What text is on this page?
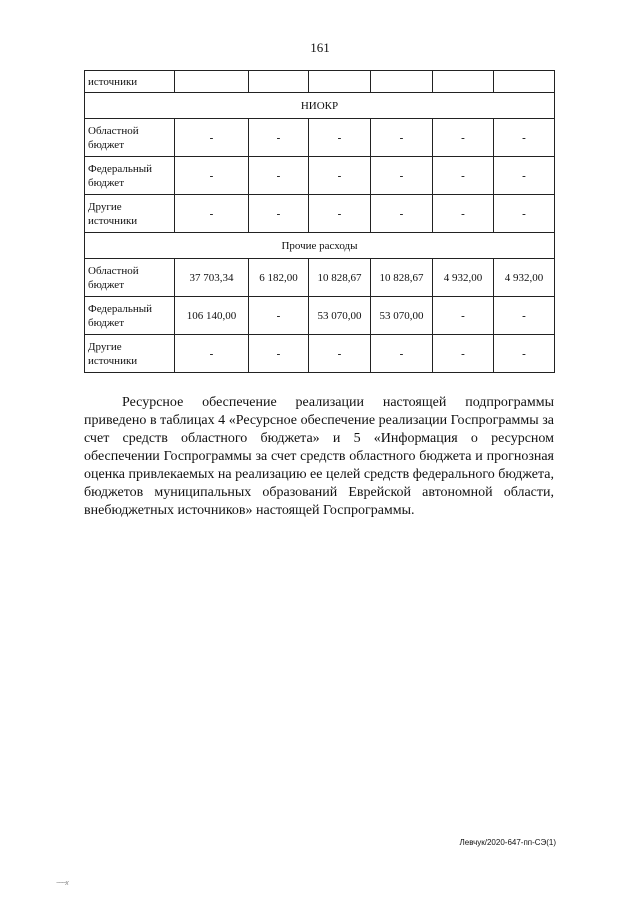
161
источники						
НИОКР						
Областной бюджет	-	-	-	-	-	-
Федеральный бюджет	-	-	-	-	-	-
Другие источники	-	-	-	-	-	-
Прочие расходы						
Областной бюджет	37 703,34	6 182,00	10 828,67	10 828,67	4 932,00	4 932,00
Федеральный бюджет	106 140,00	-	53 070,00	53 070,00	-	-
Другие источники	-	-	-	-	-	-

Ресурсное обеспечение реализации настоящей подпрограммы приведено в таблицах 4 «Ресурсное обеспечение реализации Госпрограммы за счет средств областного бюджета» и 5 «Информация о ресурсном обеспечении Госпрограммы за счет средств областного бюджета и прогнозная оценка привлекаемых на реализацию ее целей средств федерального бюджета, бюджетов муниципальных образований Еврейской автономной области, внебюджетных источников» настоящей Госпрограммы.

Левчук/2020-647-пп-СЭ(1)
~~~x
